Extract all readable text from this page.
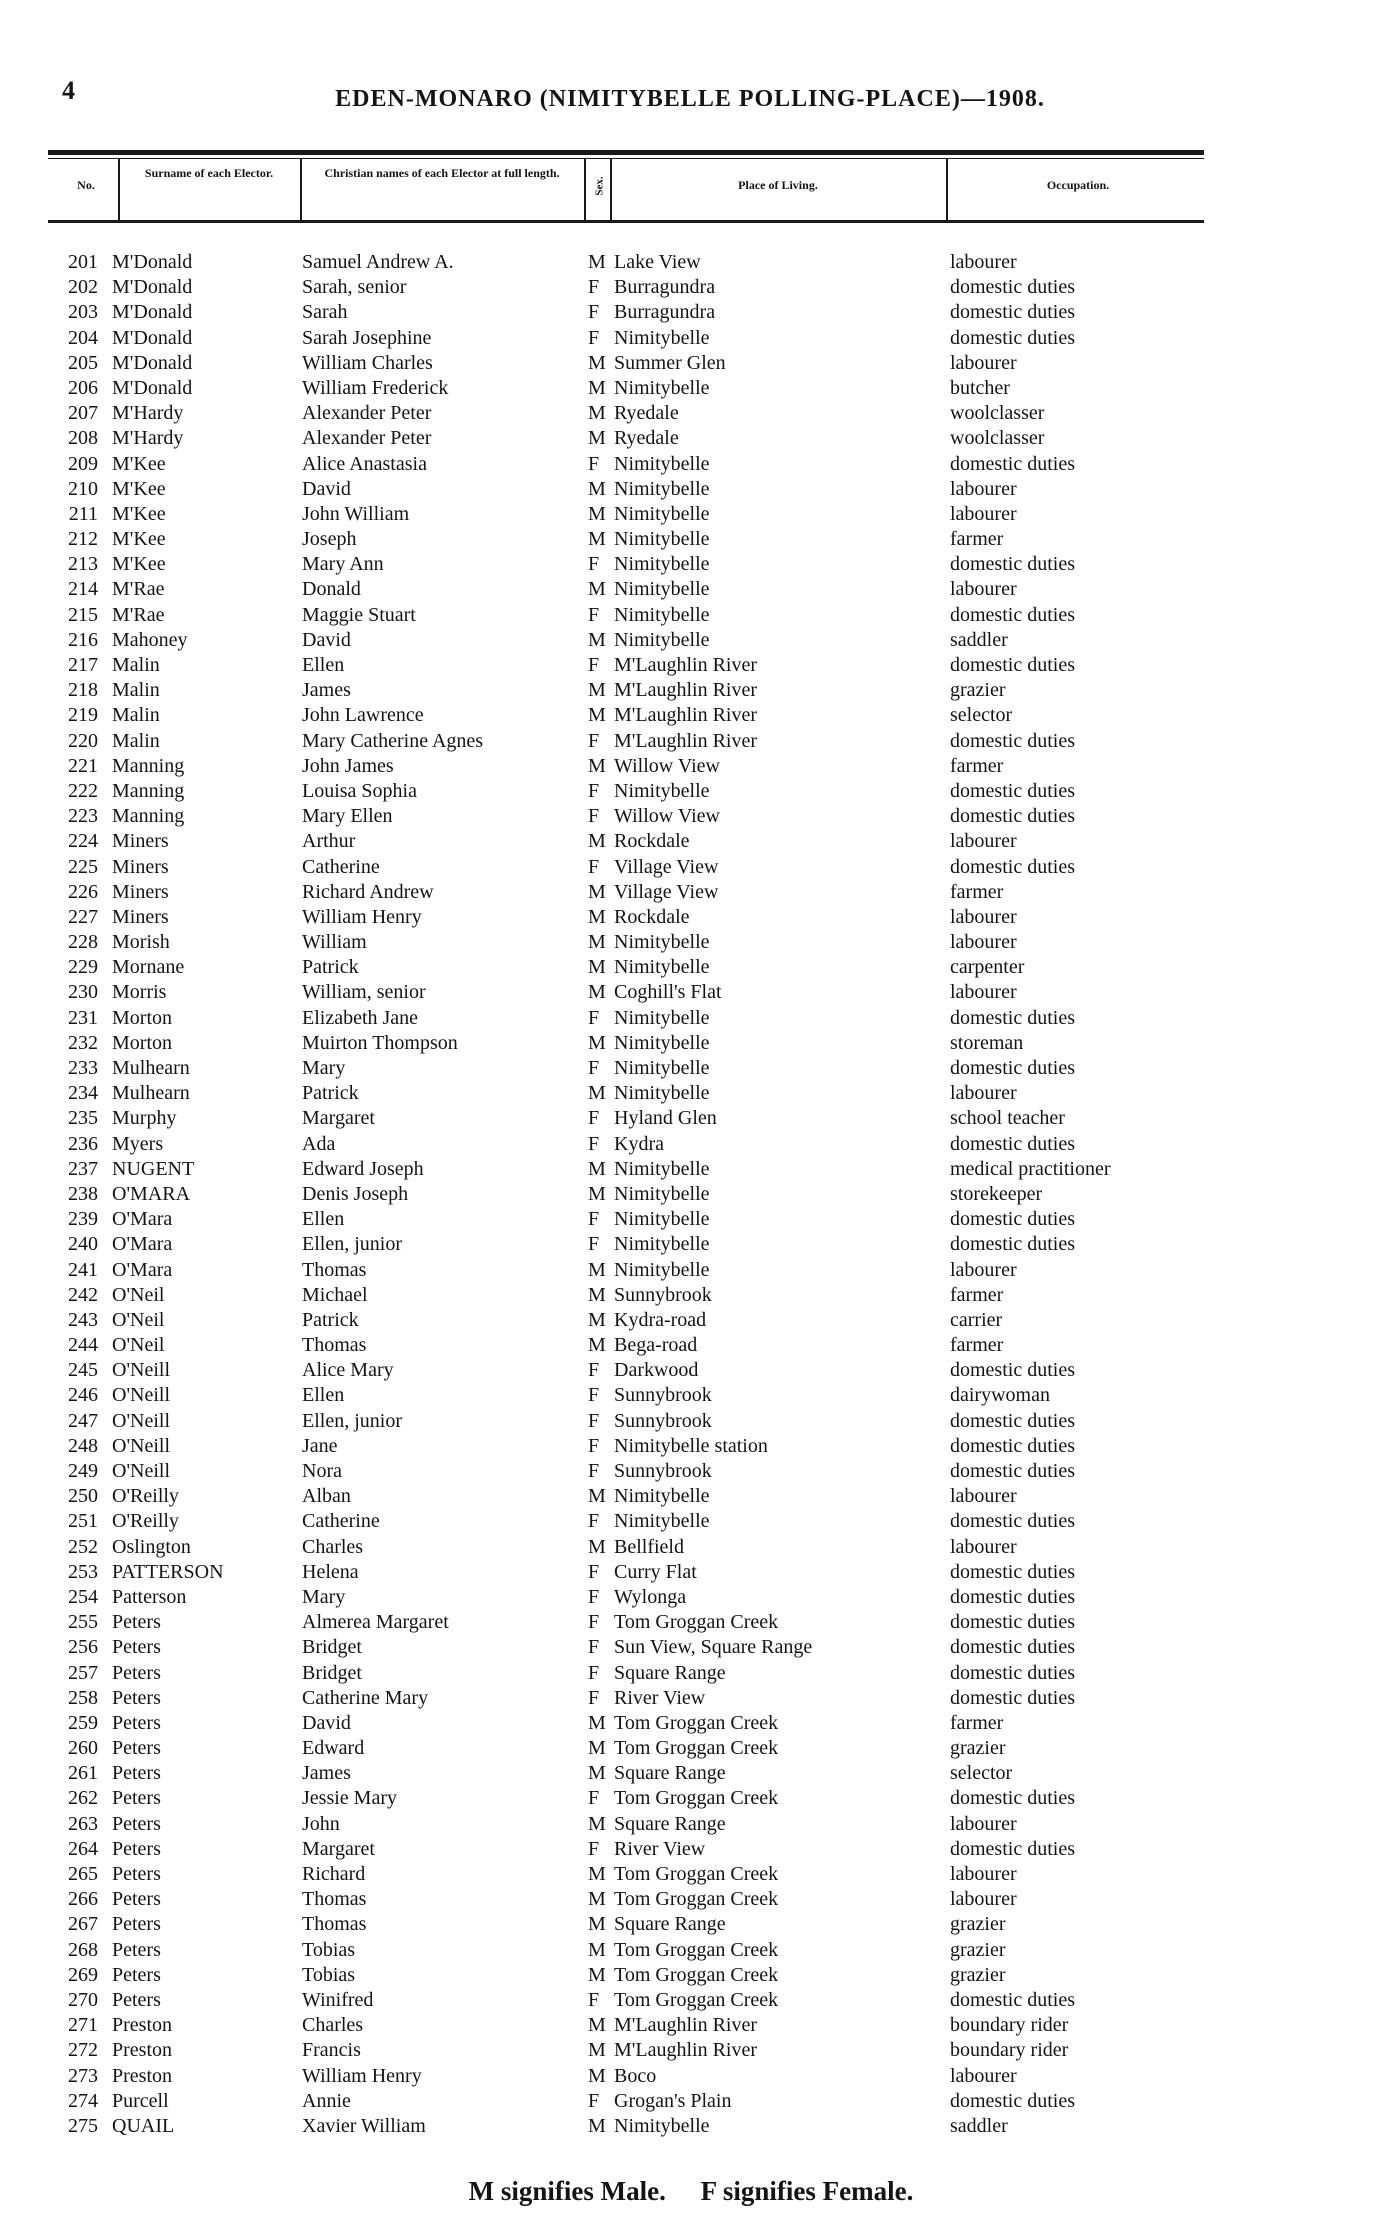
4	EDEN-MONARO (NIMITYBELLE POLLING-PLACE)—1908.
No.
Surname of each Elector.	Christian names of each Elector at full length.
Sex.	Place of Living.	Occupation.
201 M'Donald	Samuel Andrew A.	M Lake View	labourer
202 M'Donald	Sarah, senior	F Burragundra	domestic duties
203 M'Donald	Sarah	F Burragundra	domestic duties
204 M'Donald	Sarah Josephine	F Nimitybelle	domestic duties
205 M'Donald	William Charles	M Summer Glen	labourer
206 M'Donald	William Frederick	M Nimitybelle	butcher
207 M'Hardy	Alexander Peter	M Ryedale	woolclasser
208 M'Hardy	Alexander Peter	M Ryedale	woolclasser
209 M'Kee	Alice Anastasia	F Nimitybelle	domestic duties
210 M'Kee	David	M Nimitybelle	labourer
211 M'Kee	John William	M Nimitybelle	labourer
212 M'Kee	Joseph	M Nimitybelle	farmer
213 M'Kee	Mary Ann	F Nimitybelle	domestic duties
214 M'Rae	Donald	M Nimitybelle	labourer
215 M'Rae	Maggie Stuart	F Nimitybelle	domestic duties
216 Mahoney	David	M Nimitybelle	saddler
217 Malin	Ellen	F M'Laughlin River	domestic duties
218 Malin	James	M M'Laughlin River	grazier
219 Malin	John Lawrence	M M'Laughlin River	selector
220 Malin	Mary Catherine Agnes	F M'Laughlin River	domestic duties
221 Manning	John James	M Willow View	farmer
222 Manning	Louisa Sophia	F Nimitybelle	domestic duties
223 Manning	Mary Ellen	F Willow View	domestic duties
224 Miners	Arthur	M Rockdale	labourer
225 Miners	Catherine	F Village View	domestic duties
226 Miners	Richard Andrew	M Village View	farmer
227 Miners	William Henry	M Rockdale	labourer
228 Morish	William	M Nimitybelle	labourer
229 Mornane	Patrick	M Nimitybelle	carpenter
230 Morris	William, senior	M Coghill's Flat	labourer
231 Morton	Elizabeth Jane	F Nimitybelle	domestic duties
232 Morton	Muirton Thompson	M Nimitybelle	storeman
233 Mulhearn	Mary	F Nimitybelle	domestic duties
234 Mulhearn	Patrick	M Nimitybelle	labourer
235 Murphy	Margaret	F Hyland Glen	school teacher
236 Myers	Ada	F Kydra	domestic duties
237 NUGENT	Edward Joseph	M Nimitybelle	medical practitioner
238 O'MARA	Denis Joseph	M Nimitybelle	storekeeper
239 O'Mara	Ellen	F Nimitybelle	domestic duties
240 O'Mara	Ellen, junior	F Nimitybelle	domestic duties
241 O'Mara	Thomas	M Nimitybelle	labourer
242 O'Neil	Michael	M Sunnybrook	farmer
243 O'Neil	Patrick	M Kydra-road	carrier
244 O'Neil	Thomas	M Bega-road	farmer
245 O'Neill	Alice Mary	F Darkwood	domestic duties
246 O'Neill	Ellen	F Sunnybrook	dairywoman
247 O'Neill	Ellen, junior	F Sunnybrook	domestic duties
248 O'Neill	Jane	F Nimitybelle station	domestic duties
249 O'Neill	Nora	F Sunnybrook	domestic duties
250 O'Reilly	Alban	M Nimitybelle	labourer
251 O'Reilly	Catherine	F Nimitybelle	domestic duties
252 Oslington	Charles	M Bellfield	labourer
253 PATTERSON	Helena	F Curry Flat	domestic duties
254 Patterson	Mary	F Wylonga	domestic duties
255 Peters	Almerea Margaret	F Tom Groggan Creek	domestic duties
256 Peters	Bridget	F Sun View, Square Range	domestic duties
257 Peters	Bridget	F Square Range	domestic duties
258 Peters	Catherine Mary	F River View	domestic duties
259 Peters	David	M Tom Groggan Creek	farmer
260 Peters	Edward	M Tom Groggan Creek	grazier
261 Peters	James	M Square Range	selector
262 Peters	Jessie Mary	F Tom Groggan Creek	domestic duties
263 Peters	John	M Square Range	labourer
264 Peters	Margaret	F River View	domestic duties
265 Peters	Richard	M Tom Groggan Creek	labourer
266 Peters	Thomas	M Tom Groggan Creek	labourer
267 Peters	Thomas	M Square Range	grazier
268 Peters	Tobias	M Tom Groggan Creek	grazier
269 Peters	Tobias	M Tom Groggan Creek	grazier
270 Peters	Winifred	F Tom Groggan Creek	domestic duties
271 Preston	Charles	M M'Laughlin River	boundary rider
272 Preston	Francis	M M'Laughlin River	boundary rider
273 Preston	William Henry	M Boco	labourer
274 Purcell	Annie	F Grogan's Plain	domestic duties
275 QUAIL	Xavier William	M Nimitybelle	saddler
M signifies Male. F signifies Female.
